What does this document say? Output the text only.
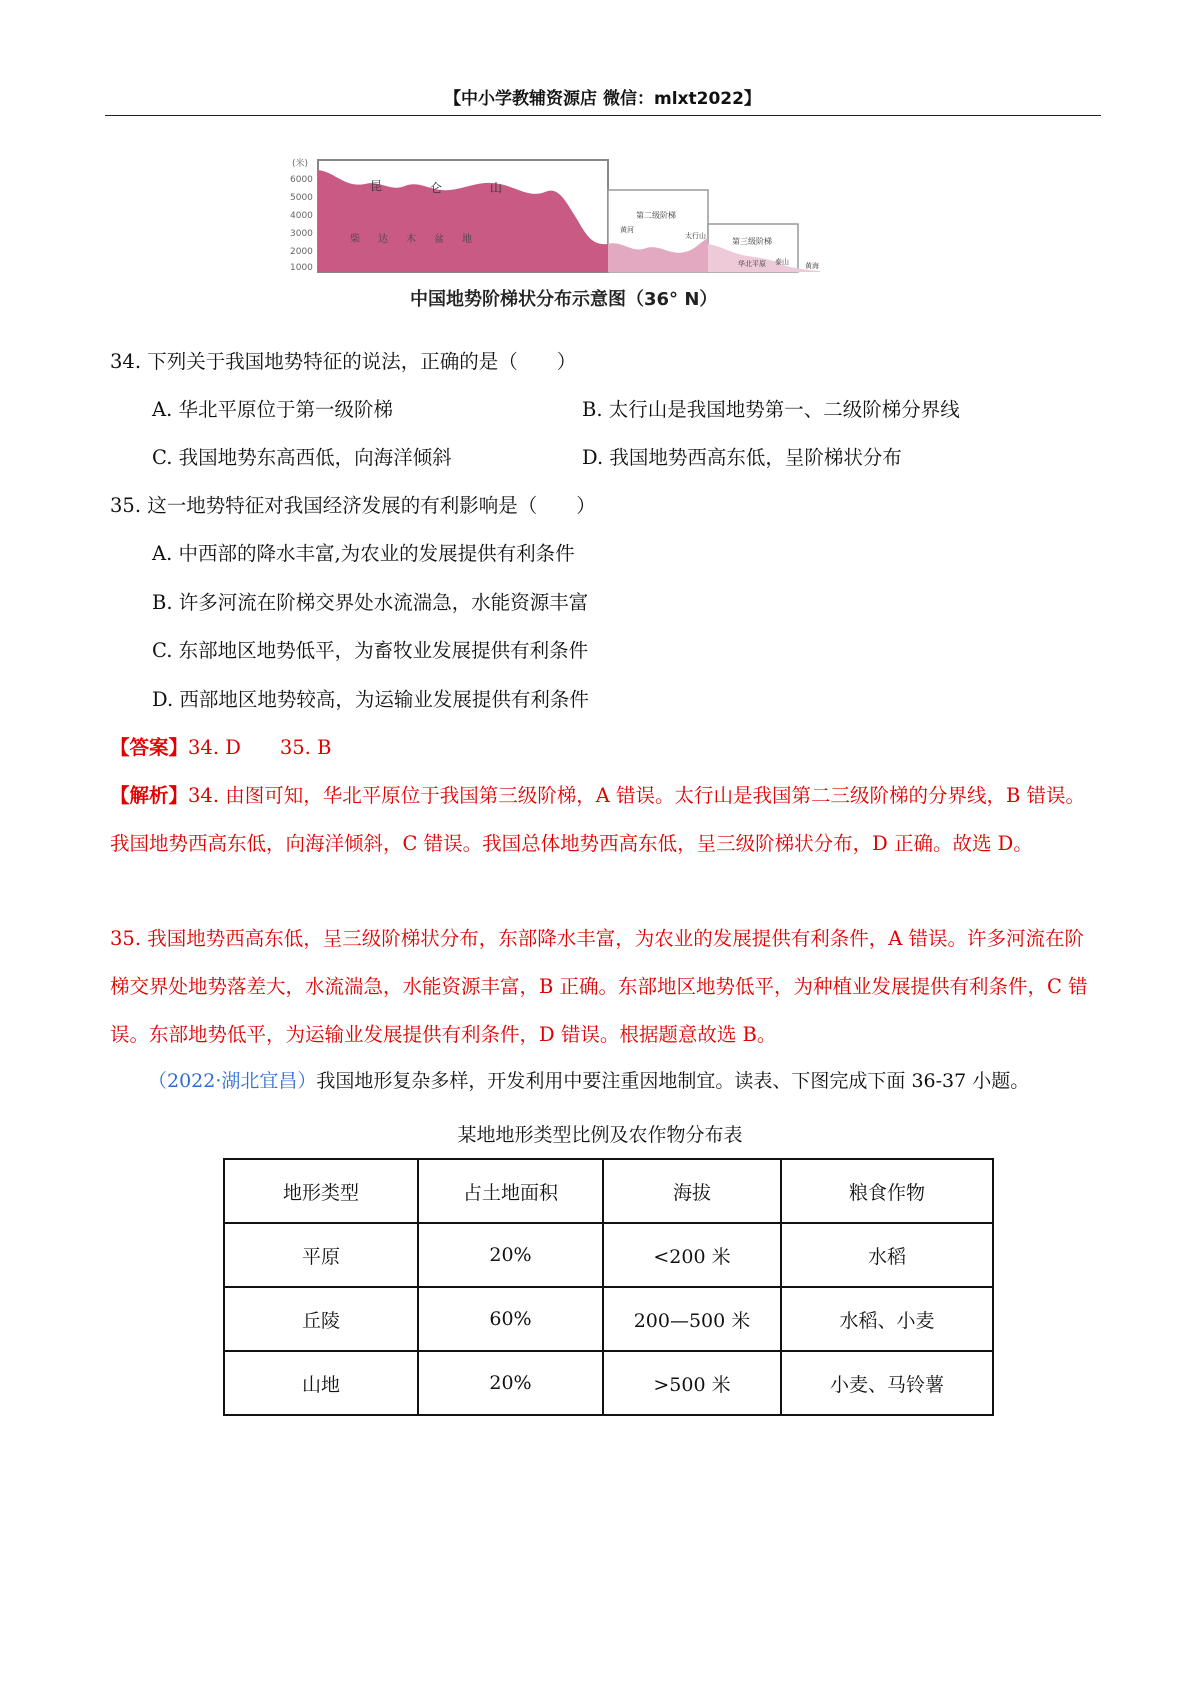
【中小学教辅资源店 微信：mlxt2022】
(米)
6000
5000
4000
3000
2000
1000
昆	仑	山
柴 达 木 盆 地
第二级阶梯
第三级阶梯
太行山
黄河
华北平原 泰山 黄海
中国地势阶梯状分布示意图（36° N）
34. 下列关于我国地势特征的说法，正确的是（　　）
A. 华北平原位于第一级阶梯	B. 太行山是我国地势第一、二级阶梯分界线
C. 我国地势东高西低，向海洋倾斜	D. 我国地势西高东低，呈阶梯状分布
35. 这一地势特征对我国经济发展的有利影响是（　　）
A. 中西部的降水丰富,为农业的发展提供有利条件
B. 许多河流在阶梯交界处水流湍急，水能资源丰富
C. 东部地区地势低平，为畜牧业发展提供有利条件
D. 西部地区地势较高，为运输业发展提供有利条件
【答案】34. D　　35. B
【解析】34. 由图可知，华北平原位于我国第三级阶梯，A 错误。太行山是我国第二三级阶梯的分界线，B 错误。我国地势西高东低，向海洋倾斜，C 错误。我国总体地势西高东低，呈三级阶梯状分布，D 正确。故选 D。
35. 我国地势西高东低，呈三级阶梯状分布，东部降水丰富，为农业的发展提供有利条件，A 错误。许多河流在阶梯交界处地势落差大，水流湍急，水能资源丰富，B 正确。东部地区地势低平，为种植业发展提供有利条件，C 错误。东部地势低平，为运输业发展提供有利条件，D 错误。根据题意故选 B。
（2022·湖北宜昌）我国地形复杂多样，开发利用中要注重因地制宜。读表、下图完成下面 36-37 小题。
某地地形类型比例及农作物分布表
地形类型	占土地面积	海拔	粮食作物
平原	20%	<200 米	水稻
丘陵	60%	200—500 米	水稻、小麦
山地	20%	>500 米	小麦、马铃薯
